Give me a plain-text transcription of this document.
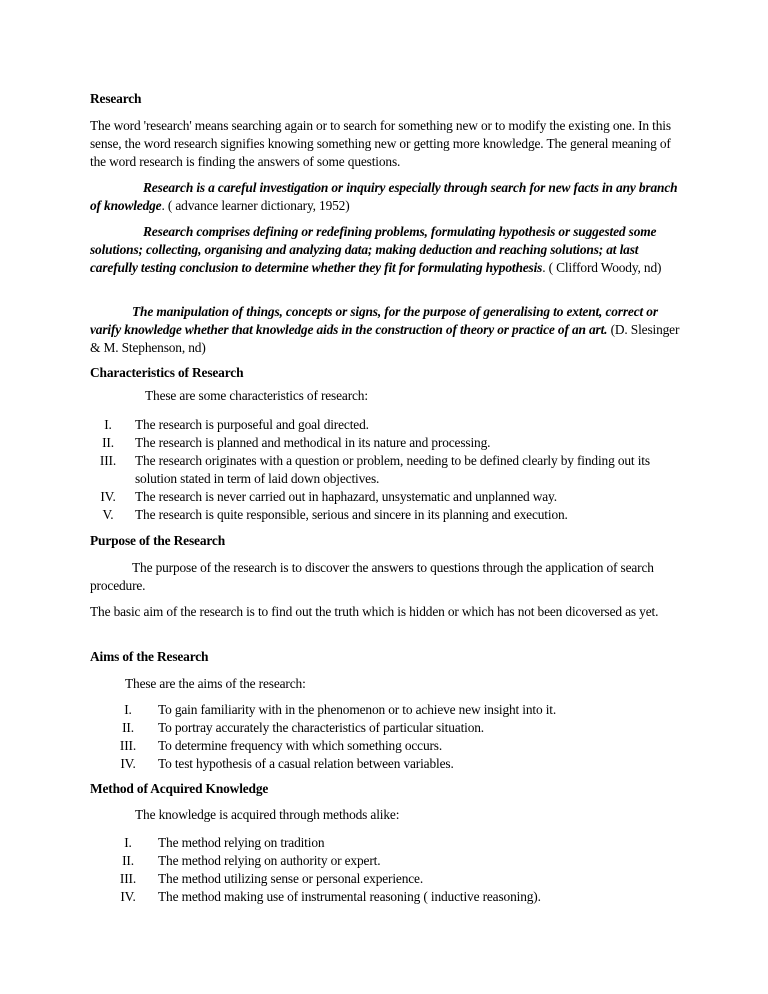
Research

The word 'research' means searching again or to search for something new or to modify the existing one. In this sense, the word research signifies knowing something new or getting more knowledge. The general meaning of the word research is finding the answers of some questions.

Research is a careful investigation or inquiry especially through search for new facts in any branch of knowledge. ( advance learner dictionary, 1952)

Research comprises defining or redefining problems, formulating hypothesis or suggested some solutions; collecting, organising and analyzing data; making deduction and reaching solutions; at last carefully testing conclusion to determine whether they fit for formulating hypothesis. ( Clifford Woody, nd)

The manipulation of things, concepts or signs, for the purpose of generalising to extent, correct or varify knowledge whether that knowledge aids in the construction of theory or practice of an art. (D. Slesinger & M. Stephenson, nd)

Characteristics of Research

These are some characteristics of research:

I.	The research is purposeful and goal directed.
II.	The research is planned and methodical in its nature and processing.
III.	The research originates with a question or problem, needing to be defined clearly by finding out its solution stated in term of laid down objectives.
IV.	The research is never carried out in haphazard, unsystematic and unplanned way.
V.	The research is quite responsible, serious and sincere in its planning and execution.
Purpose of the Research

The purpose of the research is to discover the answers to questions through the application of search procedure.

The basic aim of the research is to find out the truth which is hidden or which has not been dicoversed as yet.

Aims of the Research

These are the aims of the research:

I.	To gain familiarity with in the phenomenon or to achieve new insight into it.
II.	To portray accurately the characteristics of particular situation.
III.	To determine frequency with which something occurs.
IV.	To test hypothesis of a casual relation between variables.
Method of Acquired Knowledge

The knowledge is acquired through methods alike:

I.	The method relying on tradition
II.	The method relying on authority or expert.
III.	The method utilizing sense or personal experience.
IV.	The method making use of instrumental reasoning ( inductive reasoning).
